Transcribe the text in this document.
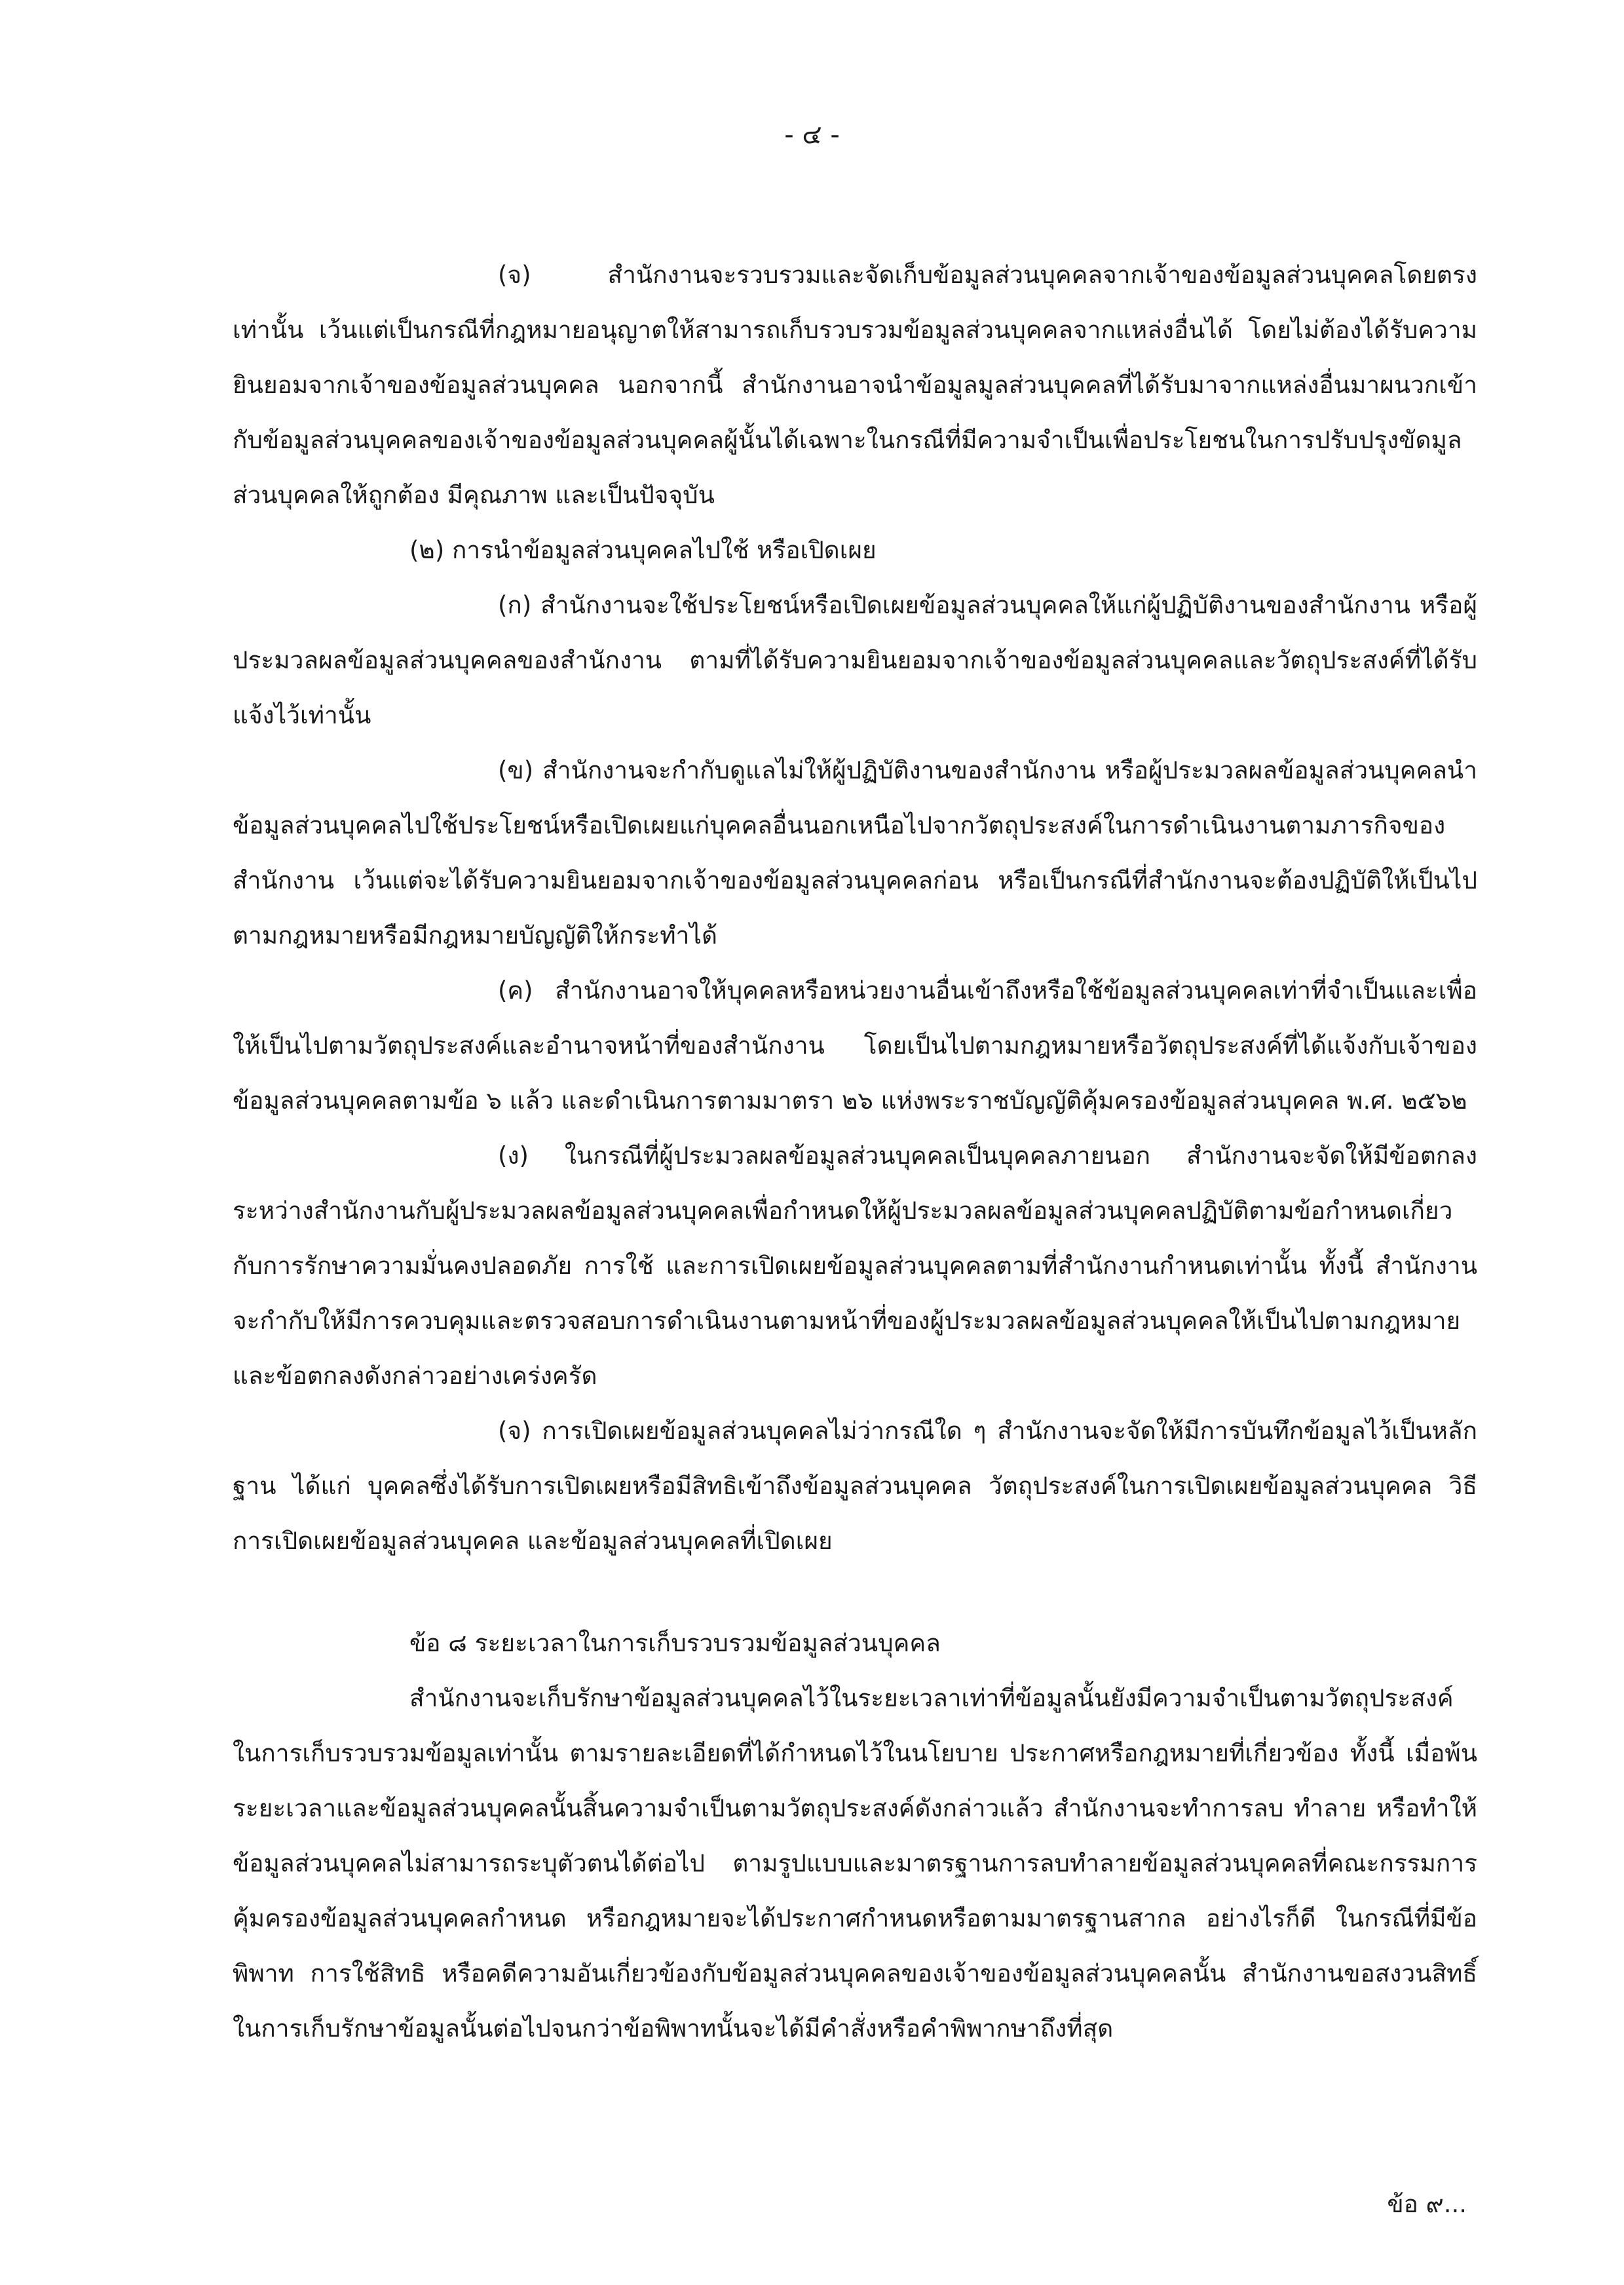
- ๔ -

(จ) สำนักงานจะรวบรวมและจัดเก็บข้อมูลส่วนบุคคลจากเจ้าของข้อมูลส่วนบุคคลโดยตรงเท่านั้น เว้นแต่เป็นกรณีที่กฎหมายอนุญาตให้สามารถเก็บรวบรวมข้อมูลส่วนบุคคลจากแหล่งอื่นได้ โดยไม่ต้องได้รับความยินยอมจากเจ้าของข้อมูลส่วนบุคคล นอกจากนี้ สำนักงานอาจนำข้อมูลมูลส่วนบุคคลที่ได้รับมาจากแหล่งอื่นมาผนวกเข้ากับข้อมูลส่วนบุคคลของเจ้าของข้อมูลส่วนบุคคลผู้นั้นได้เฉพาะในกรณีที่มีความจำเป็นเพื่อประโยชนในการปรับปรุงขัดมูลส่วนบุคคลให้ถูกต้อง มีคุณภาพ และเป็นปัจจุบัน

(๒) การนำข้อมูลส่วนบุคคลไปใช้ หรือเปิดเผย

(ก) สำนักงานจะใช้ประโยชน์หรือเปิดเผยข้อมูลส่วนบุคคลให้แก่ผู้ปฏิบัติงานของสำนักงาน หรือผู้ประมวลผลข้อมูลส่วนบุคคลของสำนักงาน ตามที่ได้รับความยินยอมจากเจ้าของข้อมูลส่วนบุคคลและวัตถุประสงค์ที่ได้รับแจ้งไว้เท่านั้น

(ข) สำนักงานจะกำกับดูแลไม่ให้ผู้ปฏิบัติงานของสำนักงาน หรือผู้ประมวลผลข้อมูลส่วนบุคคลนำข้อมูลส่วนบุคคลไปใช้ประโยชน์หรือเปิดเผยแก่บุคคลอื่นนอกเหนือไปจากวัตถุประสงค์ในการดำเนินงานตามภารกิจของสำนักงาน เว้นแต่จะได้รับความยินยอมจากเจ้าของข้อมูลส่วนบุคคลก่อน หรือเป็นกรณีที่สำนักงานจะต้องปฏิบัติให้เป็นไปตามกฎหมายหรือมีกฎหมายบัญญัติให้กระทำได้

(ค) สำนักงานอาจให้บุคคลหรือหน่วยงานอื่นเข้าถึงหรือใช้ข้อมูลส่วนบุคคลเท่าที่จำเป็นและเพื่อให้เป็นไปตามวัตถุประสงค์และอำนาจหน้าที่ของสำนักงาน โดยเป็นไปตามกฎหมายหรือวัตถุประสงค์ที่ได้แจ้งกับเจ้าของข้อมูลส่วนบุคคลตามข้อ ๖ แล้ว และดำเนินการตามมาตรา ๒๖ แห่งพระราชบัญญัติคุ้มครองข้อมูลส่วนบุคคล พ.ศ. ๒๕๖๒

(ง) ในกรณีที่ผู้ประมวลผลข้อมูลส่วนบุคคลเป็นบุคคลภายนอก สำนักงานจะจัดให้มีข้อตกลงระหว่างสำนักงานกับผู้ประมวลผลข้อมูลส่วนบุคคลเพื่อกำหนดให้ผู้ประมวลผลข้อมูลส่วนบุคคลปฏิบัติตามข้อกำหนดเกี่ยวกับการรักษาความมั่นคงปลอดภัย การใช้ และการเปิดเผยข้อมูลส่วนบุคคลตามที่สำนักงานกำหนดเท่านั้น ทั้งนี้ สำนักงานจะกำกับให้มีการควบคุมและตรวจสอบการดำเนินงานตามหน้าที่ของผู้ประมวลผลข้อมูลส่วนบุคคลให้เป็นไปตามกฎหมายและข้อตกลงดังกล่าวอย่างเคร่งครัด

(จ) การเปิดเผยข้อมูลส่วนบุคคลไม่ว่ากรณีใด ๆ สำนักงานจะจัดให้มีการบันทึกข้อมูลไว้เป็นหลักฐาน ได้แก่ บุคคลซึ่งได้รับการเปิดเผยหรือมีสิทธิเข้าถึงข้อมูลส่วนบุคคล วัตถุประสงค์ในการเปิดเผยข้อมูลส่วนบุคคล วิธีการเปิดเผยข้อมูลส่วนบุคคล และข้อมูลส่วนบุคคลที่เปิดเผย

ข้อ ๘ ระยะเวลาในการเก็บรวบรวมข้อมูลส่วนบุคคล

สำนักงานจะเก็บรักษาข้อมูลส่วนบุคคลไว้ในระยะเวลาเท่าที่ข้อมูลนั้นยังมีความจำเป็นตามวัตถุประสงค์ในการเก็บรวบรวมข้อมูลเท่านั้น ตามรายละเอียดที่ได้กำหนดไว้ในนโยบาย ประกาศหรือกฎหมายที่เกี่ยวข้อง ทั้งนี้ เมื่อพ้นระยะเวลาและข้อมูลส่วนบุคคลนั้นสิ้นความจำเป็นตามวัตถุประสงค์ดังกล่าวแล้ว สำนักงานจะทำการลบ ทำลาย หรือทำให้ข้อมูลส่วนบุคคลไม่สามารถระบุตัวตนได้ต่อไป ตามรูปแบบและมาตรฐานการลบทำลายข้อมูลส่วนบุคคลที่คณะกรรมการคุ้มครองข้อมูลส่วนบุคคลกำหนด หรือกฎหมายจะได้ประกาศกำหนดหรือตามมาตรฐานสากล อย่างไรก็ดี ในกรณีที่มีข้อพิพาท การใช้สิทธิ หรือคดีความอันเกี่ยวข้องกับข้อมูลส่วนบุคคลของเจ้าของข้อมูลส่วนบุคคลนั้น สำนักงานขอสงวนสิทธิ์ในการเก็บรักษาข้อมูลนั้นต่อไปจนกว่าข้อพิพาทนั้นจะได้มีคำสั่งหรือคำพิพากษาถึงที่สุด

ข้อ ๙...
